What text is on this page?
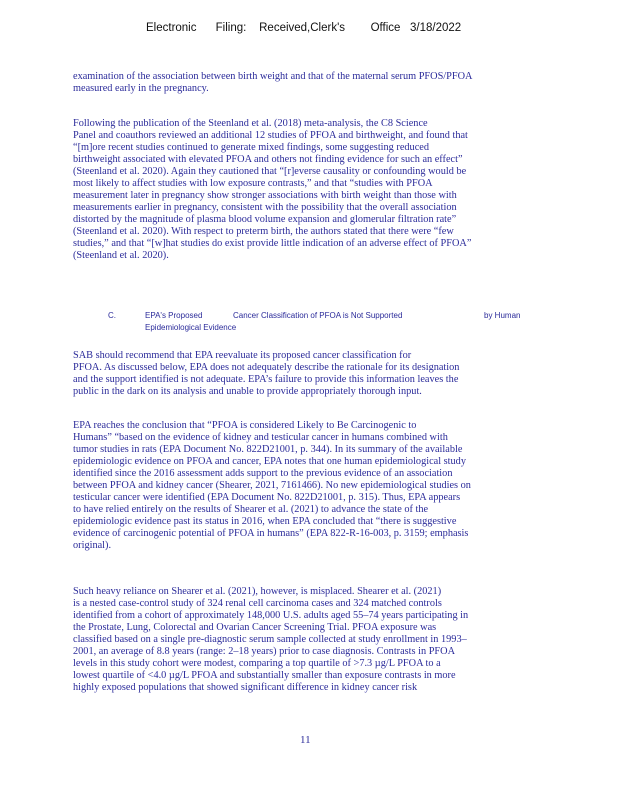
Electronic      Filing:    Received,Clerk's        Office   3/18/2022
examination of the association between birth weight and that of the maternal serum PFOS/PFOA
measured early in the pregnancy.
Following the publication of the Steenland et al. (2018) meta-analysis, the C8 Science
Panel and coauthors reviewed an additional 12 studies of PFOA and birthweight, and found that
“[m]ore recent studies continued to generate mixed findings, some suggesting reduced
birthweight associated with elevated PFOA and others not finding evidence for such an effect”
(Steenland et al. 2020). Again they cautioned that “[r]everse causality or confounding would be
most likely to affect studies with low exposure contrasts,” and that “studies with PFOA
measurement later in pregnancy show stronger associations with birth weight than those with
measurements earlier in pregnancy, consistent with the possibility that the overall association
distorted by the magnitude of plasma blood volume expansion and glomerular filtration rate”
(Steenland et al. 2020). With respect to preterm birth, the authors stated that there were “few
studies,” and that “[w]hat studies do exist provide little indication of an adverse effect of PFOA”
(Steenland et al. 2020).
C.	EPA's Proposed	Cancer Classification of PFOA is Not Supported	by Human
Epidemiological Evidence
SAB should recommend that EPA reevaluate its proposed cancer classification for
PFOA. As discussed below, EPA does not adequately describe the rationale for its designation
and the support identified is not adequate. EPA’s failure to provide this information leaves the
public in the dark on its analysis and unable to provide appropriately thorough input.
EPA reaches the conclusion that “PFOA is considered Likely to Be Carcinogenic to
Humans” “based on the evidence of kidney and testicular cancer in humans combined with
tumor studies in rats (EPA Document No. 822D21001, p. 344). In its summary of the available
epidemiologic evidence on PFOA and cancer, EPA notes that one human epidemiological study
identified since the 2016 assessment adds support to the previous evidence of an association
between PFOA and kidney cancer (Shearer, 2021, 7161466). No new epidemiological studies on
testicular cancer were identified (EPA Document No. 822D21001, p. 315). Thus, EPA appears
to have relied entirely on the results of Shearer et al. (2021) to advance the state of the
epidemiologic evidence past its status in 2016, when EPA concluded that “there is suggestive
evidence of carcinogenic potential of PFOA in humans” (EPA 822-R-16-003, p. 3159; emphasis
original).
Such heavy reliance on Shearer et al. (2021), however, is misplaced. Shearer et al. (2021)
is a nested case-control study of 324 renal cell carcinoma cases and 324 matched controls
identified from a cohort of approximately 148,000 U.S. adults aged 55–74 years participating in
the Prostate, Lung, Colorectal and Ovarian Cancer Screening Trial. PFOA exposure was
classified based on a single pre-diagnostic serum sample collected at study enrollment in 1993–
2001, an average of 8.8 years (range: 2–18 years) prior to case diagnosis. Contrasts in PFOA
levels in this study cohort were modest, comparing a top quartile of >7.3 µg/L PFOA to a
lowest quartile of <4.0 µg/L PFOA and substantially smaller than exposure contrasts in more
highly exposed populations that showed significant difference in kidney cancer risk
11
